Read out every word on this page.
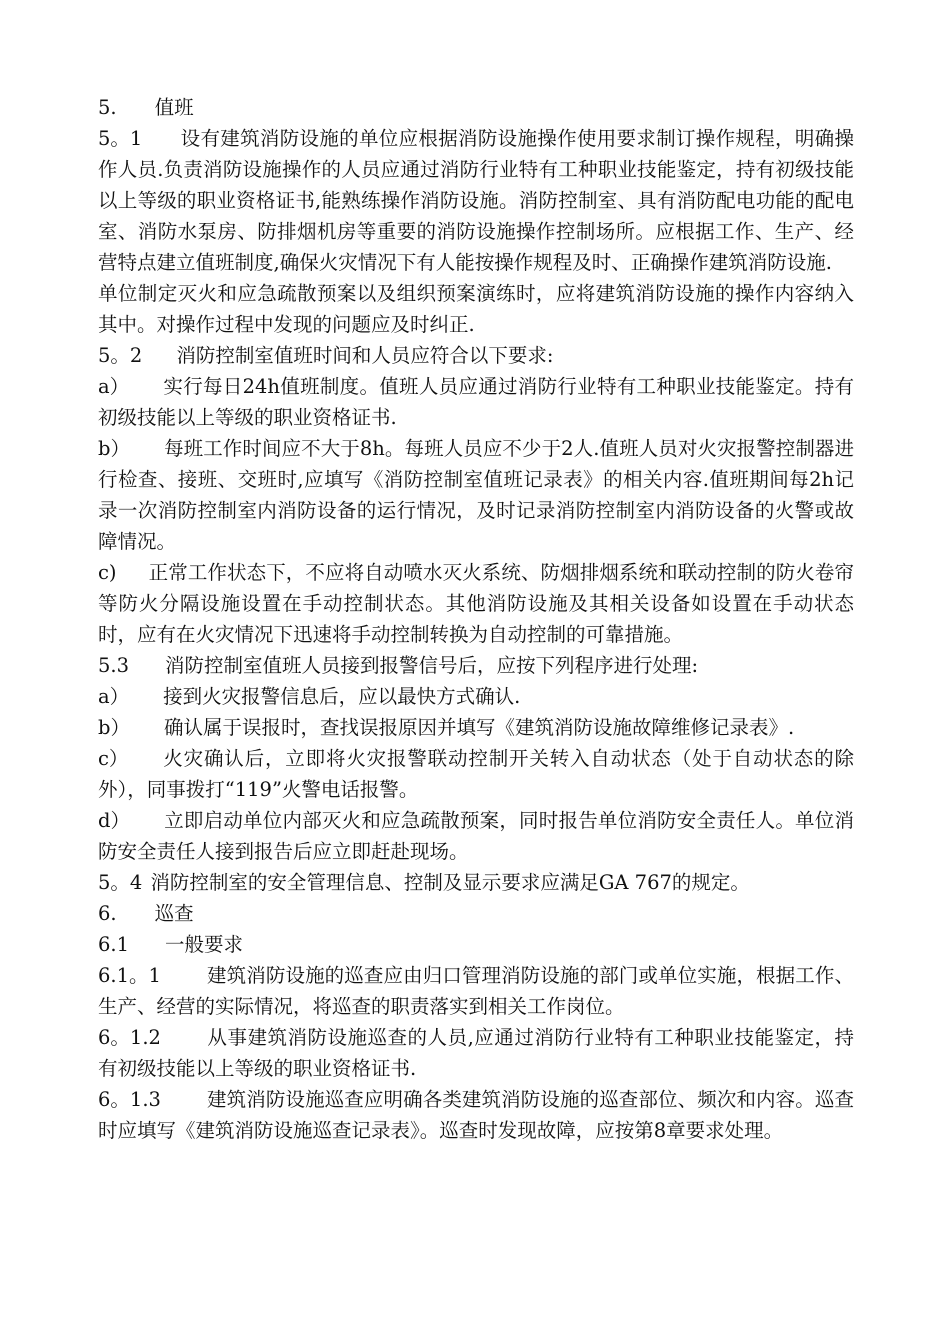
5. 值班

5。1 设有建筑消防设施的单位应根据消防设施操作使用要求制订操作规程，明确操作人员.负责消防设施操作的人员应通过消防行业特有工种职业技能鉴定，持有初级技能以上等级的职业资格证书,能熟练操作消防设施。消防控制室、具有消防配电功能的配电室、消防水泵房、防排烟机房等重要的消防设施操作控制场所。应根据工作、生产、经营特点建立值班制度,确保火灾情况下有人能按操作规程及时、正确操作建筑消防设施.

单位制定灭火和应急疏散预案以及组织预案演练时，应将建筑消防设施的操作内容纳入其中。对操作过程中发现的问题应及时纠正.

5。2 消防控制室值班时间和人员应符合以下要求:

a） 实行每日24h值班制度。值班人员应通过消防行业特有工种职业技能鉴定。持有初级技能以上等级的职业资格证书.

b） 每班工作时间应不大于8h。每班人员应不少于2人.值班人员对火灾报警控制器进行检查、接班、交班时,应填写《消防控制室值班记录表》的相关内容.值班期间每2h记录一次消防控制室内消防设备的运行情况，及时记录消防控制室内消防设备的火警或故障情况。

c) 正常工作状态下，不应将自动喷水灭火系统、防烟排烟系统和联动控制的防火卷帘等防火分隔设施设置在手动控制状态。其他消防设施及其相关设备如设置在手动状态时，应有在火灾情况下迅速将手动控制转换为自动控制的可靠措施。

5.3 消防控制室值班人员接到报警信号后，应按下列程序进行处理:

a） 接到火灾报警信息后，应以最快方式确认.

b） 确认属于误报时，查找误报原因并填写《建筑消防设施故障维修记录表》.

c） 火灾确认后，立即将火灾报警联动控制开关转入自动状态（处于自动状态的除外），同事拨打“119”火警电话报警。

d） 立即启动单位内部灭火和应急疏散预案，同时报告单位消防安全责任人。单位消防安全责任人接到报告后应立即赶赴现场。

5。4 消防控制室的安全管理信息、控制及显示要求应满足GA 767的规定。

6. 巡查

6.1 一般要求

6.1。1 建筑消防设施的巡查应由归口管理消防设施的部门或单位实施，根据工作、生产、经营的实际情况，将巡查的职责落实到相关工作岗位。

6。1.2 从事建筑消防设施巡查的人员,应通过消防行业特有工种职业技能鉴定，持有初级技能以上等级的职业资格证书.

6。1.3 建筑消防设施巡查应明确各类建筑消防设施的巡查部位、频次和内容。巡查时应填写《建筑消防设施巡查记录表》。巡查时发现故障，应按第8章要求处理。
